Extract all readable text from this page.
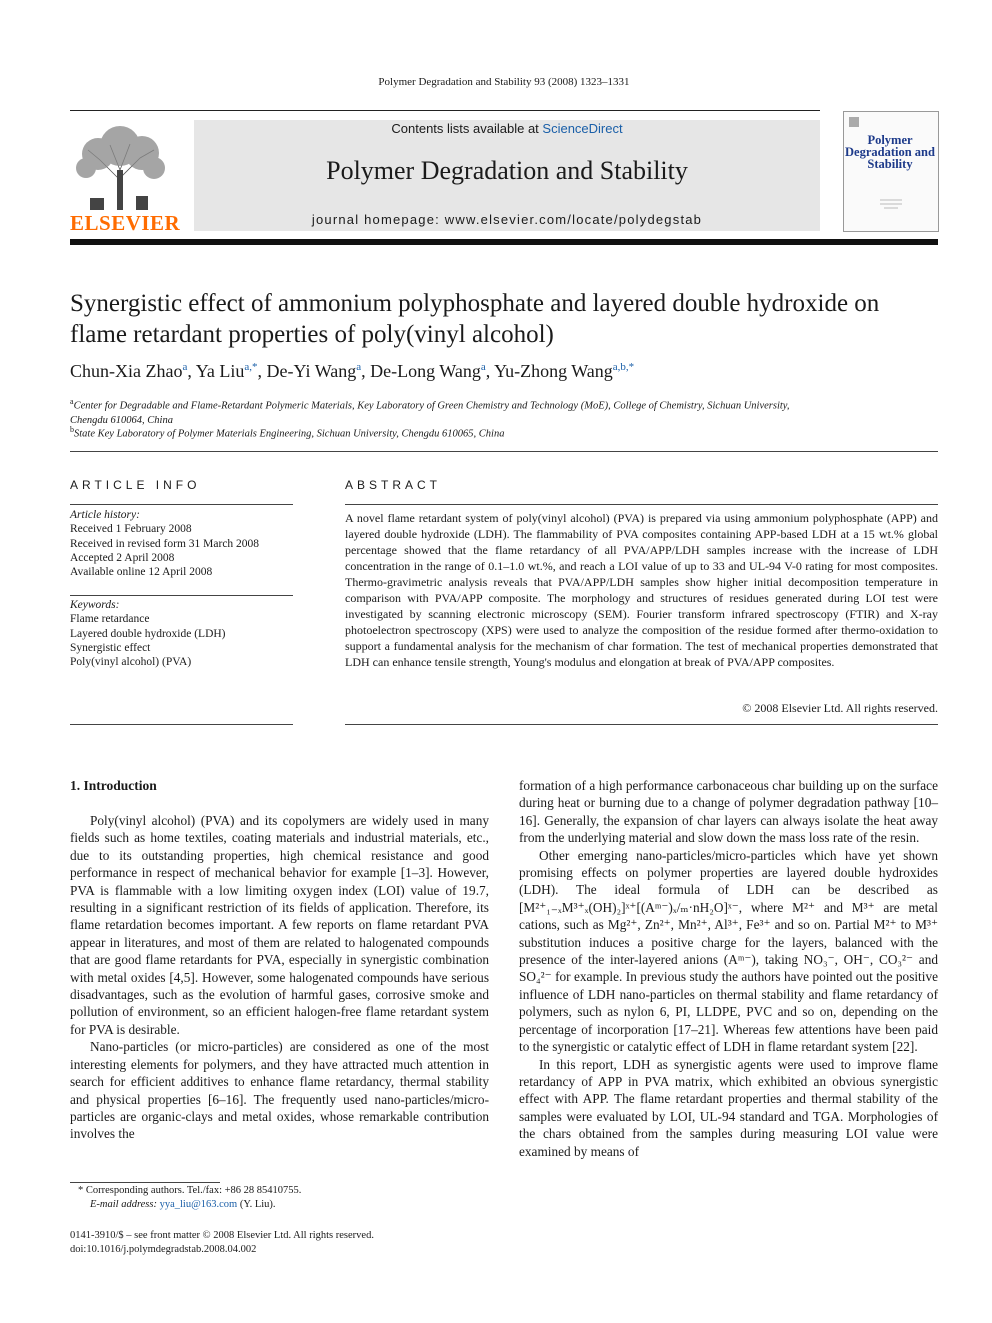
Polymer Degradation and Stability 93 (2008) 1323–1331
ELSEVIER
Contents lists available at ScienceDirect
Polymer Degradation and Stability
journal homepage: www.elsevier.com/locate/polydegstab
Polymer Degradation and Stability
Synergistic effect of ammonium polyphosphate and layered double hydroxide on flame retardant properties of poly(vinyl alcohol)
Chun-Xia Zhao$^a$, Ya Liu$^{a,*}$, De-Yi Wang$^a$, De-Long Wang$^a$, Yu-Zhong Wang$^{a,b,*}$
$^a$Center for Degradable and Flame-Retardant Polymeric Materials, Key Laboratory of Green Chemistry and Technology (MoE), College of Chemistry, Sichuan University,
Chengdu 610064, China
$^b$State Key Laboratory of Polymer Materials Engineering, Sichuan University, Chengdu 610065, China
ARTICLE INFO
Article history:
Received 1 February 2008
Received in revised form 31 March 2008
Accepted 2 April 2008
Available online 12 April 2008
Keywords:
Flame retardance
Layered double hydroxide (LDH)
Synergistic effect
Poly(vinyl alcohol) (PVA)
ABSTRACT
A novel flame retardant system of poly(vinyl alcohol) (PVA) is prepared via using ammonium polyphosphate (APP) and layered double hydroxide (LDH). The flammability of PVA composites containing APP-based LDH at a 15 wt.% global percentage showed that the flame retardancy of all PVA/APP/LDH samples increase with the increase of LDH concentration in the range of 0.1–1.0 wt.%, and reach a LOI value of up to 33 and UL-94 V-0 rating for most composites. Thermo-gravimetric analysis reveals that PVA/APP/LDH samples show higher initial decomposition temperature in comparison with PVA/APP composite. The morphology and structures of residues generated during LOI test were investigated by scanning electronic microscopy (SEM). Fourier transform infrared spectroscopy (FTIR) and X-ray photoelectron spectroscopy (XPS) were used to analyze the composition of the residue formed after thermo-oxidation to support a fundamental analysis for the mechanism of char formation. The test of mechanical properties demonstrated that LDH can enhance tensile strength, Young's modulus and elongation at break of PVA/APP composites.
© 2008 Elsevier Ltd. All rights reserved.
1. Introduction

Poly(vinyl alcohol) (PVA) and its copolymers are widely used in many fields such as home textiles, coating materials and industrial materials, etc., due to its outstanding properties, high chemical resistance and good performance in respect of mechanical behavior for example [1–3]. However, PVA is flammable with a low limiting oxygen index (LOI) value of 19.7, resulting in a significant restriction of its fields of application. Therefore, its flame retardation becomes important. A few reports on flame retardant PVA appear in literatures, and most of them are related to halogenated compounds that are good flame retardants for PVA, especially in synergistic combination with metal oxides [4,5]. However, some halogenated compounds have serious disadvantages, such as the evolution of harmful gases, corrosive smoke and pollution of environment, so an efficient halogen-free flame retardant system for PVA is desirable.

Nano-particles (or micro-particles) are considered as one of the most interesting elements for polymers, and they have attracted much attention in search for efficient additives to enhance flame retardancy, thermal stability and physical properties [6–16]. The frequently used nano-particles/micro-particles are organic-clays and metal oxides, whose remarkable contribution involves the

formation of a high performance carbonaceous char building up on the surface during heat or burning due to a change of polymer degradation pathway [10–16]. Generally, the expansion of char layers can always isolate the heat away from the underlying material and slow down the mass loss rate of the resin.

Other emerging nano-particles/micro-particles which have yet shown promising effects on polymer properties are layered double hydroxides (LDH). The ideal formula of LDH can be described as [M²⁺₁₋ₓM³⁺ₓ(OH)₂]ˣ⁺[(Aᵐ⁻)ₓ/ₘ·nH₂O]ˣ⁻, where M²⁺ and M³⁺ are metal cations, such as Mg²⁺, Zn²⁺, Mn²⁺, Al³⁺, Fe³⁺ and so on. Partial M²⁺ to M³⁺ substitution induces a positive charge for the layers, balanced with the presence of the inter-layered anions (Aᵐ⁻), taking NO₃⁻, OH⁻, CO₃²⁻ and SO₄²⁻ for example. In previous study the authors have pointed out the positive influence of LDH nano-particles on thermal stability and flame retardancy of polymers, such as nylon 6, PI, LLDPE, PVC and so on, depending on the percentage of incorporation [17–21]. Whereas few attentions have been paid to the synergistic or catalytic effect of LDH in flame retardant system [22].

In this report, LDH as synergistic agents were used to improve flame retardancy of APP in PVA matrix, which exhibited an obvious synergistic effect with APP. The flame retardant properties and thermal stability of the samples were evaluated by LOI, UL-94 standard and TGA. Morphologies of the chars obtained from the samples during measuring LOI value were examined by means of

* Corresponding authors. Tel./fax: +86 28 85410755.
E-mail address: yya_liu@163.com (Y. Liu).
0141-3910/$ – see front matter © 2008 Elsevier Ltd. All rights reserved.
doi:10.1016/j.polymdegradstab.2008.04.002
